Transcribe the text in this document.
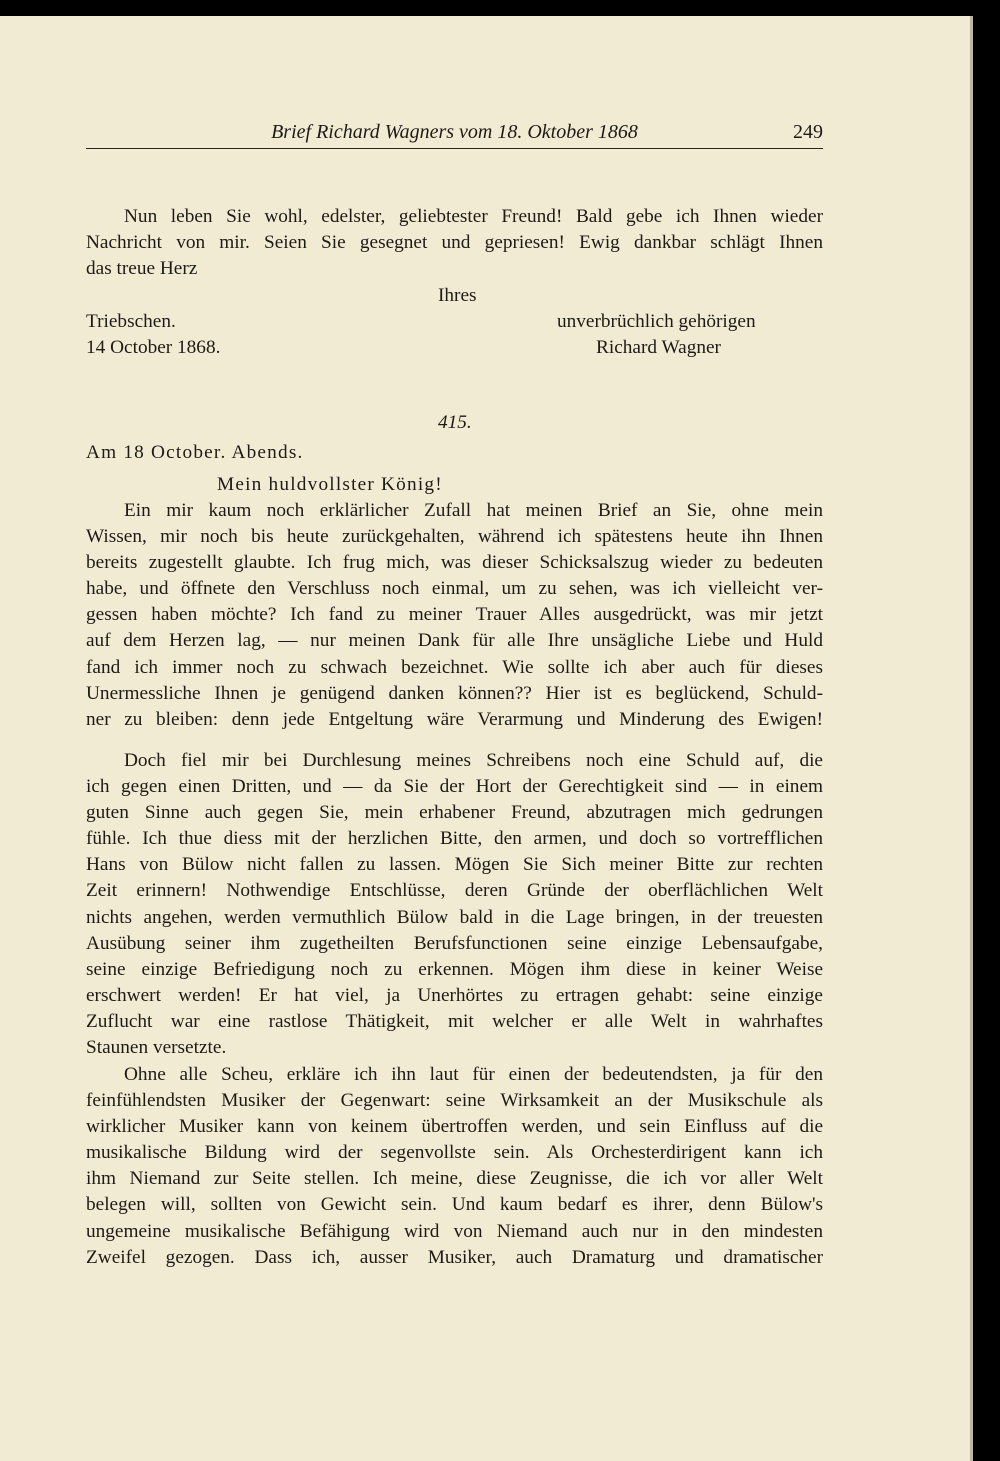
Brief Richard Wagners vom 18. Oktober 1868	249
Nun leben Sie wohl, edelster, geliebtester Freund! Bald gebe ich Ihnen wieder
Nachricht von mir. Seien Sie gesegnet und gepriesen! Ewig dankbar schlägt Ihnen
das treue Herz
Ihres
Triebschen.
14 October 1868.
unverbrüchlich gehörigen
Richard Wagner
415.
Am 18 October. Abends.
Mein huldvollster König!
Ein mir kaum noch erklärlicher Zufall hat meinen Brief an Sie, ohne mein
Wissen, mir noch bis heute zurückgehalten, während ich spätestens heute ihn Ihnen
bereits zugestellt glaubte. Ich frug mich, was dieser Schicksalszug wieder zu bedeuten
habe, und öffnete den Verschluss noch einmal, um zu sehen, was ich vielleicht ver-
gessen haben möchte? Ich fand zu meiner Trauer Alles ausgedrückt, was mir jetzt
auf dem Herzen lag, — nur meinen Dank für alle Ihre unsägliche Liebe und Huld
fand ich immer noch zu schwach bezeichnet. Wie sollte ich aber auch für dieses
Unermessliche Ihnen je genügend danken können?? Hier ist es beglückend, Schuld-
ner zu bleiben: denn jede Entgeltung wäre Verarmung und Minderung des Ewigen!
Doch fiel mir bei Durchlesung meines Schreibens noch eine Schuld auf, die
ich gegen einen Dritten, und — da Sie der Hort der Gerechtigkeit sind — in einem
guten Sinne auch gegen Sie, mein erhabener Freund, abzutragen mich gedrungen
fühle. Ich thue diess mit der herzlichen Bitte, den armen, und doch so vortrefflichen
Hans von Bülow nicht fallen zu lassen. Mögen Sie Sich meiner Bitte zur rechten
Zeit erinnern! Nothwendige Entschlüsse, deren Gründe der oberflächlichen Welt
nichts angehen, werden vermuthlich Bülow bald in die Lage bringen, in der treuesten
Ausübung seiner ihm zugetheilten Berufsfunctionen seine einzige Lebensaufgabe,
seine einzige Befriedigung noch zu erkennen. Mögen ihm diese in keiner Weise
erschwert werden! Er hat viel, ja Unerhörtes zu ertragen gehabt: seine einzige
Zuflucht war eine rastlose Thätigkeit, mit welcher er alle Welt in wahrhaftes
Staunen versetzte.
Ohne alle Scheu, erkläre ich ihn laut für einen der bedeutendsten, ja für den
feinfühlendsten Musiker der Gegenwart: seine Wirksamkeit an der Musikschule als
wirklicher Musiker kann von keinem übertroffen werden, und sein Einfluss auf die
musikalische Bildung wird der segenvollste sein. Als Orchesterdirigent kann ich
ihm Niemand zur Seite stellen. Ich meine, diese Zeugnisse, die ich vor aller Welt
belegen will, sollten von Gewicht sein. Und kaum bedarf es ihrer, denn Bülow's
ungemeine musikalische Befähigung wird von Niemand auch nur in den mindesten
Zweifel gezogen. Dass ich, ausser Musiker, auch Dramaturg und dramatischer
